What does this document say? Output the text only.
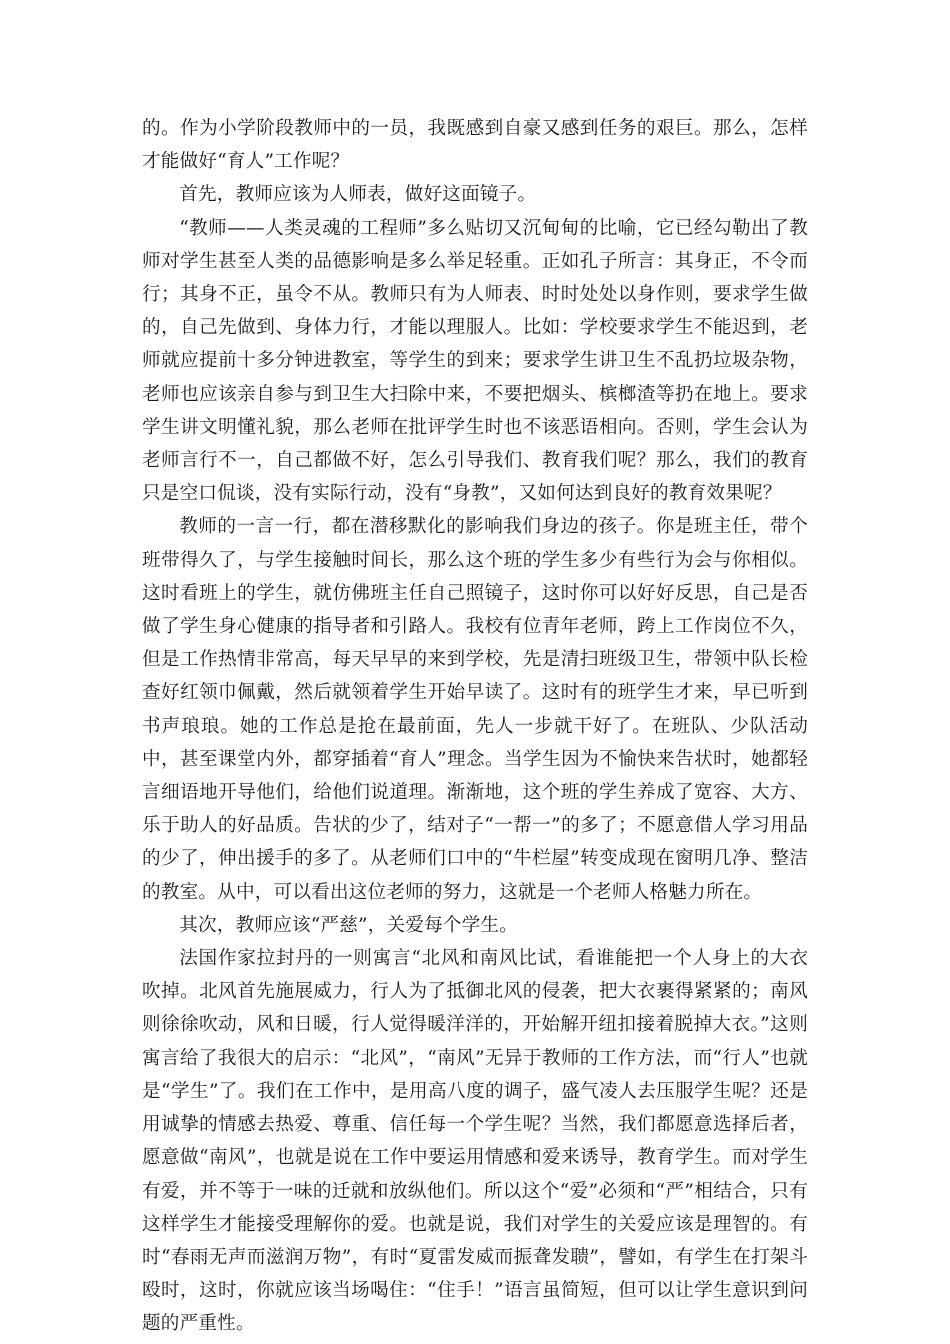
的。作为小学阶段教师中的一员，我既感到自豪又感到任务的艰巨。那么，怎样才能做好“育人”工作呢？

首先，教师应该为人师表，做好这面镜子。

“教师——人类灵魂的工程师”多么贴切又沉甸甸的比喻，它已经勾勒出了教师对学生甚至人类的品德影响是多么举足轻重。正如孔子所言：其身正，不令而行；其身不正，虽令不从。教师只有为人师表、时时处处以身作则，要求学生做的，自己先做到、身体力行，才能以理服人。比如：学校要求学生不能迟到，老师就应提前十多分钟进教室，等学生的到来；要求学生讲卫生不乱扔垃圾杂物，老师也应该亲自参与到卫生大扫除中来，不要把烟头、槟榔渣等扔在地上。要求学生讲文明懂礼貌，那么老师在批评学生时也不该恶语相向。否则，学生会认为老师言行不一，自己都做不好，怎么引导我们、教育我们呢？那么，我们的教育只是空口侃谈，没有实际行动，没有“身教”，又如何达到良好的教育效果呢？

教师的一言一行，都在潜移默化的影响我们身边的孩子。你是班主任，带个班带得久了，与学生接触时间长，那么这个班的学生多少有些行为会与你相似。这时看班上的学生，就仿佛班主任自己照镜子，这时你可以好好反思，自己是否做了学生身心健康的指导者和引路人。我校有位青年老师，跨上工作岗位不久，但是工作热情非常高，每天早早的来到学校，先是清扫班级卫生，带领中队长检查好红领巾佩戴，然后就领着学生开始早读了。这时有的班学生才来，早已听到书声琅琅。她的工作总是抢在最前面，先人一步就干好了。在班队、少队活动中，甚至课堂内外，都穿插着“育人”理念。当学生因为不愉快来告状时，她都轻言细语地开导他们，给他们说道理。渐渐地，这个班的学生养成了宽容、大方、乐于助人的好品质。告状的少了，结对子“一帮一”的多了；不愿意借人学习用品的少了，伸出援手的多了。从老师们口中的“牛栏屋”转变成现在窗明几净、整洁的教室。从中，可以看出这位老师的努力，这就是一个老师人格魅力所在。

其次，教师应该“严慈”，关爱每个学生。

法国作家拉封丹的一则寓言“北风和南风比试，看谁能把一个人身上的大衣吹掉。北风首先施展威力，行人为了抵御北风的侵袭，把大衣裹得紧紧的；南风则徐徐吹动，风和日暖，行人觉得暖洋洋的，开始解开纽扣接着脱掉大衣。”这则寓言给了我很大的启示：“北风”，“南风”无异于教师的工作方法，而“行人”也就是“学生”了。我们在工作中，是用高八度的调子，盛气凌人去压服学生呢？还是用诚挚的情感去热爱、尊重、信任每一个学生呢？当然，我们都愿意选择后者，愿意做“南风”，也就是说在工作中要运用情感和爱来诱导，教育学生。而对学生有爱，并不等于一味的迁就和放纵他们。所以这个“爱”必须和“严”相结合，只有这样学生才能接受理解你的爱。也就是说，我们对学生的关爱应该是理智的。有时“春雨无声而滋润万物”，有时“夏雷发威而振聋发聩”，譬如，有学生在打架斗殴时，这时，你就应该当场喝住：“住手！”语言虽简短，但可以让学生意识到问题的严重性。
